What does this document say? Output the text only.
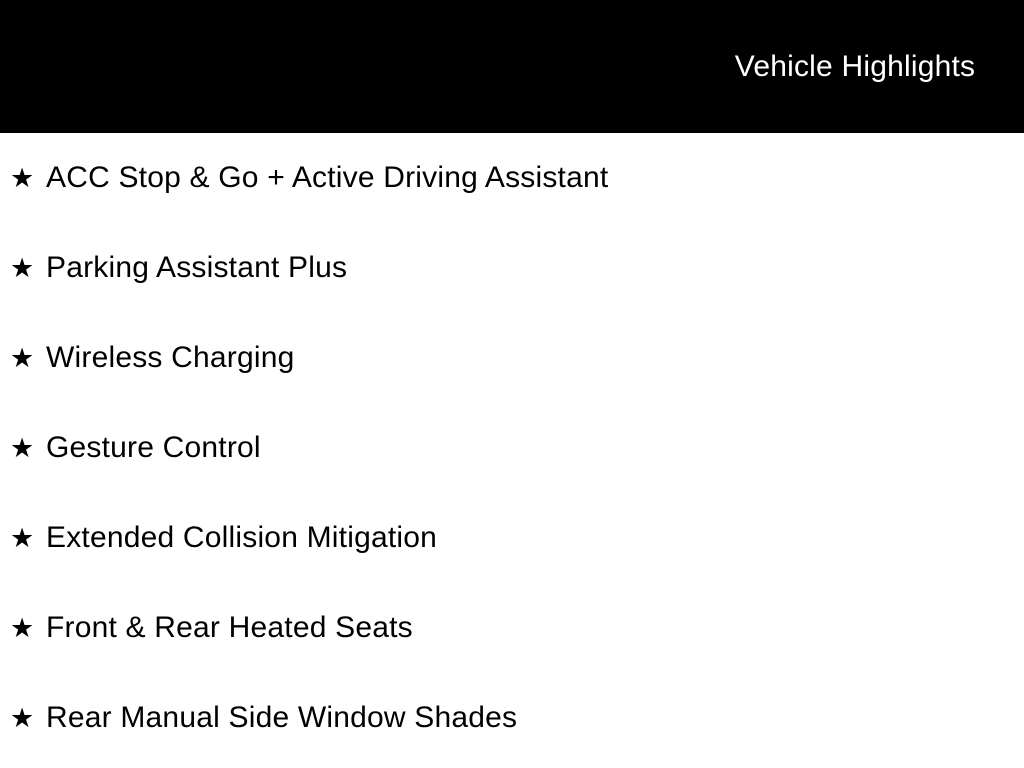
Vehicle Highlights
★ ACC Stop & Go + Active Driving Assistant
★ Parking Assistant Plus
★ Wireless Charging
★ Gesture Control
★ Extended Collision Mitigation
★ Front & Rear Heated Seats
★ Rear Manual Side Window Shades
